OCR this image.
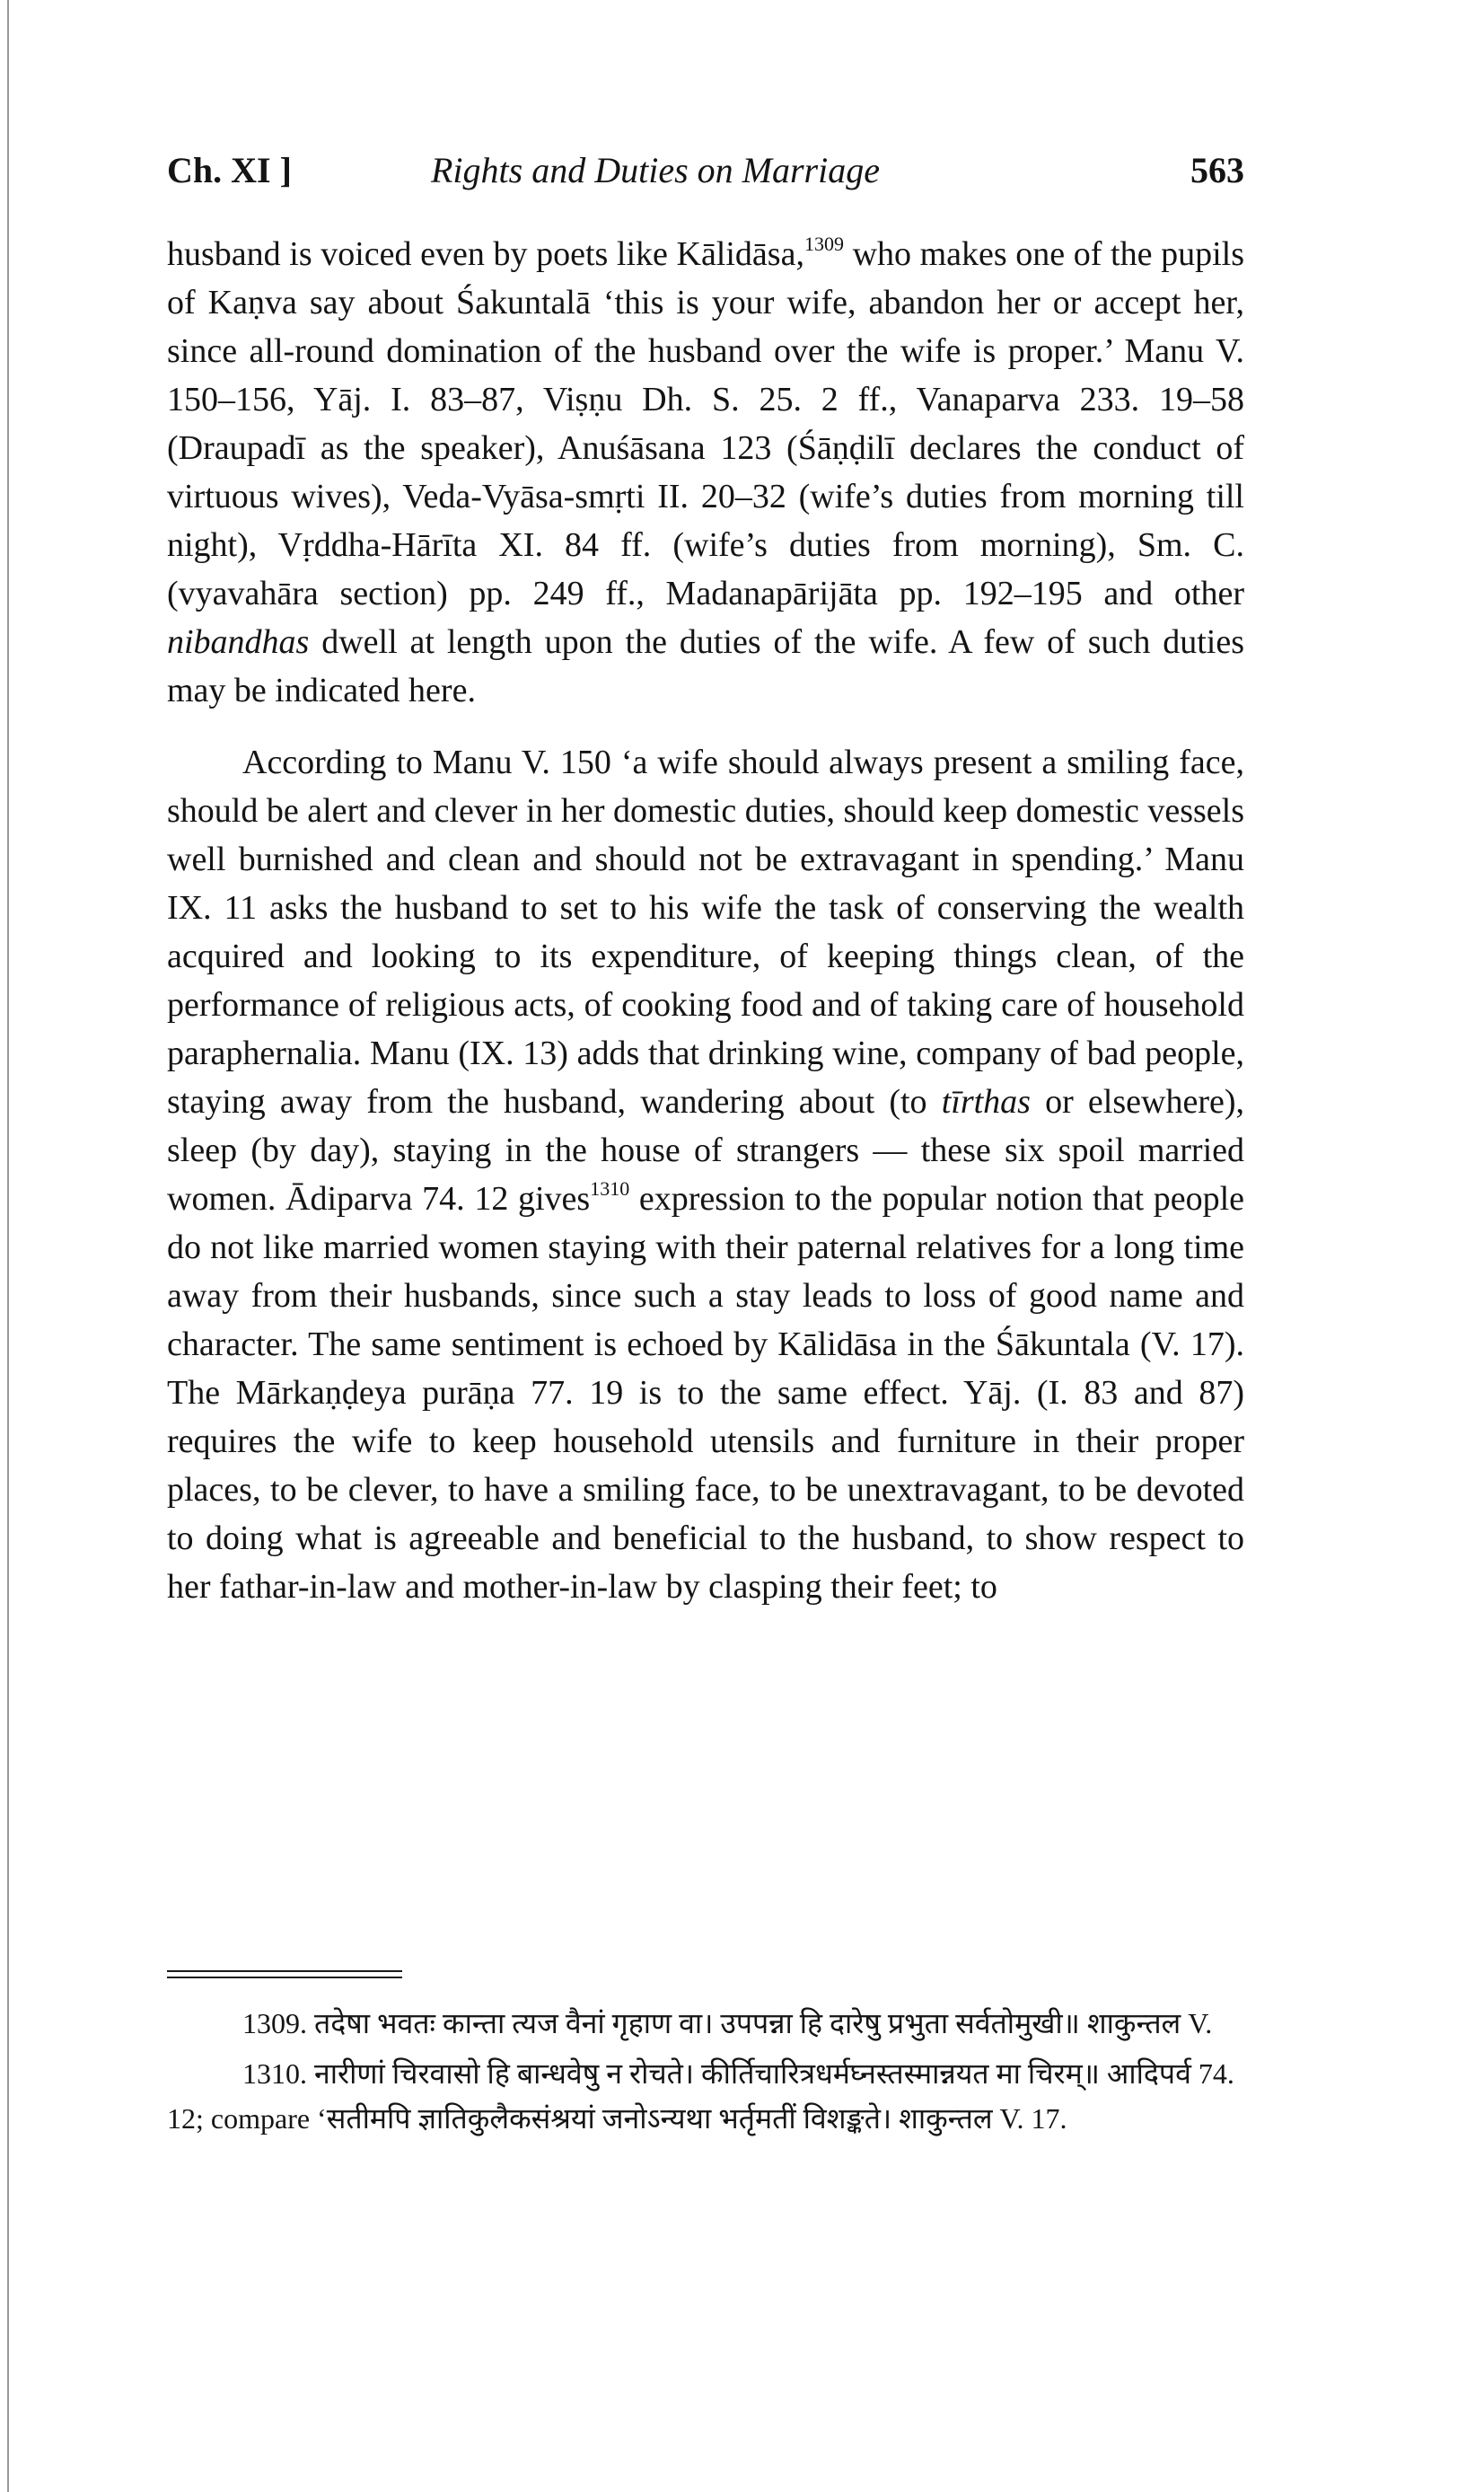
Ch. XI ]	Rights and Duties on Marriage	563

husband is voiced even by poets like Kālidāsa,$^{1309}$ who makes one of the pupils of Kaṇva say about Śakuntalā ‘this is your wife, abandon her or accept her, since all-round domination of the husband over the wife is proper.’ Manu V. 150–156, Yāj. I. 83–87, Viṣṇu Dh. S. 25. 2 ff., Vanaparva 233. 19–58 (Draupadī as the speaker), Anuśāsana 123 (Śāṇḍilī declares the conduct of virtuous wives), Veda-Vyāsa-smṛti II. 20–32 (wife’s duties from morning till night), Vṛddha-Hārīta XI. 84 ff. (wife’s duties from morning), Sm. C. (vyavahāra section) pp. 249 ff., Madanapārijāta pp. 192–195 and other nibandhas dwell at length upon the duties of the wife. A few of such duties may be indicated here.

According to Manu V. 150 ‘a wife should always present a smiling face, should be alert and clever in her domestic duties, should keep domestic vessels well burnished and clean and should not be extravagant in spending.’ Manu IX. 11 asks the husband to set to his wife the task of conserving the wealth acquired and looking to its expenditure, of keeping things clean, of the performance of religious acts, of cooking food and of taking care of household paraphernalia. Manu (IX. 13) adds that drinking wine, company of bad people, staying away from the husband, wandering about (to tīrthas or elsewhere), sleep (by day), staying in the house of strangers — these six spoil married women. Ādiparva 74. 12 gives$^{1310}$ expression to the popular notion that people do not like married women staying with their paternal relatives for a long time away from their husbands, since such a stay leads to loss of good name and character. The same sentiment is echoed by Kālidāsa in the Śākuntala (V. 17). The Mārkaṇḍeya purāṇa 77. 19 is to the same effect. Yāj. (I. 83 and 87) requires the wife to keep household utensils and furniture in their proper places, to be clever, to have a smiling face, to be unextravagant, to be devoted to doing what is agreeable and beneficial to the husband, to show respect to her fathar-in-law and mother-in-law by clasping their feet; to

1309. तदेषा भवतः कान्ता त्यज वैनां गृहाण वा। उपपन्ना हि दारेषु प्रभुता सर्वतोमुखी॥ शाकुन्तल V.

1310. नारीणां चिरवासो हि बान्धवेषु न रोचते। कीर्तिचारित्रधर्मघ्नस्तस्मान्नयत मा चिरम्॥ आदिपर्व 74. 12; compare ‘सतीमपि ज्ञातिकुलैकसंश्रयां जनोऽन्यथा भर्तृमतीं विशङ्कते। शाकुन्तल V. 17.
